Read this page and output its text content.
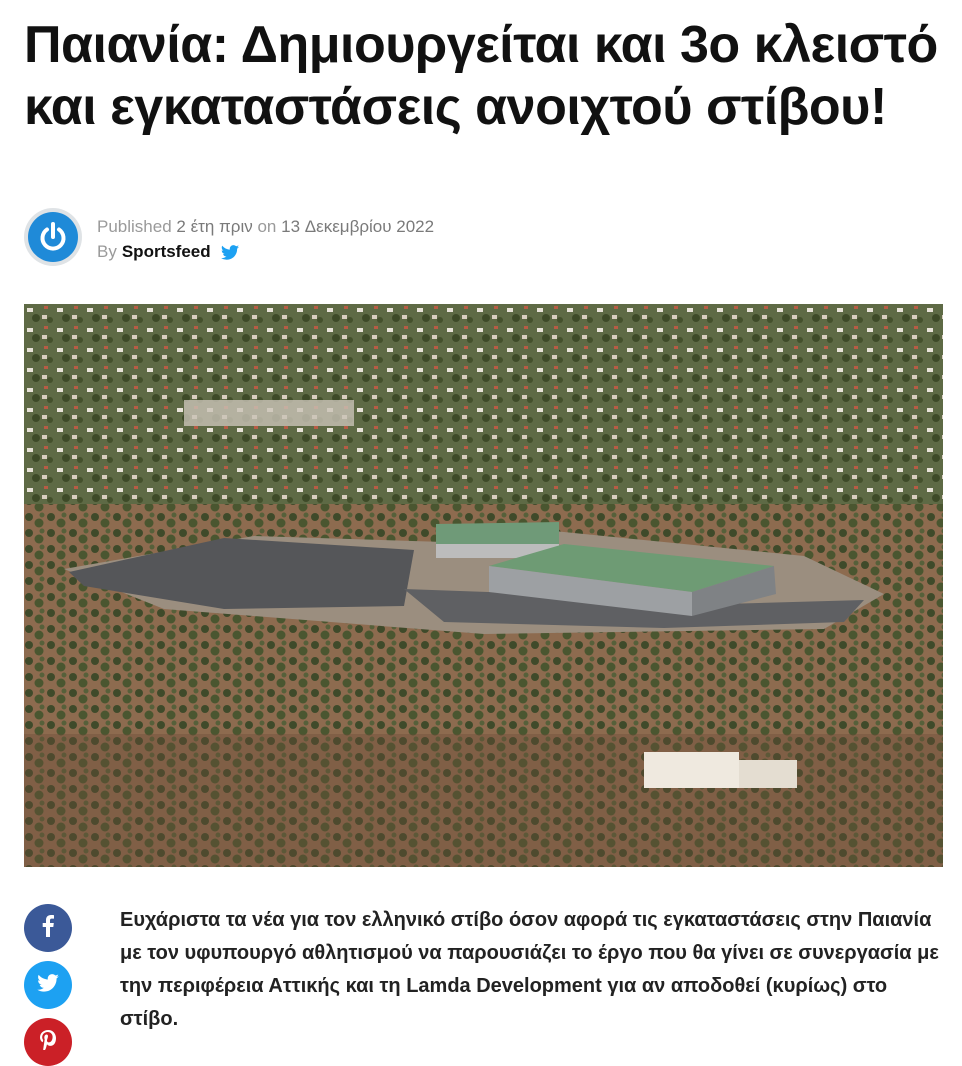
Παιανία: Δημιουργείται και 3ο κλειστό και εγκαταστάσεις ανοιχτού στίβου!
Published 2 έτη πριν on 13 Δεκεμβρίου 2022
By Sportsfeed

Ευχάριστα τα νέα για τον ελληνικό στίβο όσον αφορά τις εγκαταστάσεις στην Παιανία με τον υφυπουργό αθλητισμού να παρουσιάζει το έργο που θα γίνει σε συνεργασία με την περιφέρεια Αττικής και τη Lamda Development για αν αποδοθεί (κυρίως) στο στίβο.
